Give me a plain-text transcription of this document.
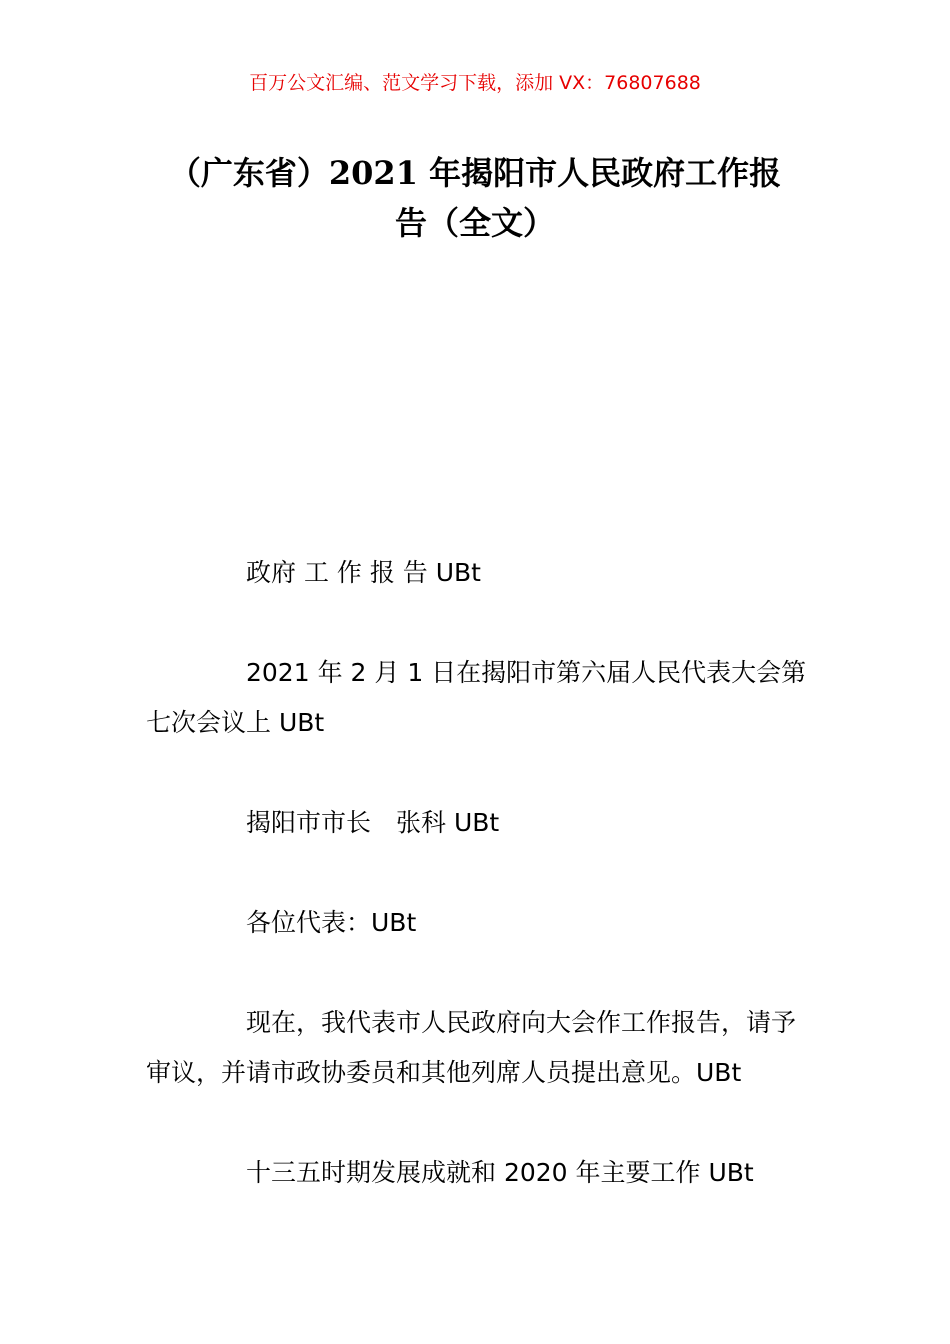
百万公文汇编、范文学习下载，添加 VX：76807688
（广东省）2021 年揭阳市人民政府工作报
告（全文）

政府 工 作 报 告 UBt

2021 年 2 月 1 日在揭阳市第六届人民代表大会第七次会议上 UBt

揭阳市市长　张科 UBt

各位代表：UBt

现在，我代表市人民政府向大会作工作报告，请予审议，并请市政协委员和其他列席人员提出意见。UBt

十三五时期发展成就和 2020 年主要工作 UBt
